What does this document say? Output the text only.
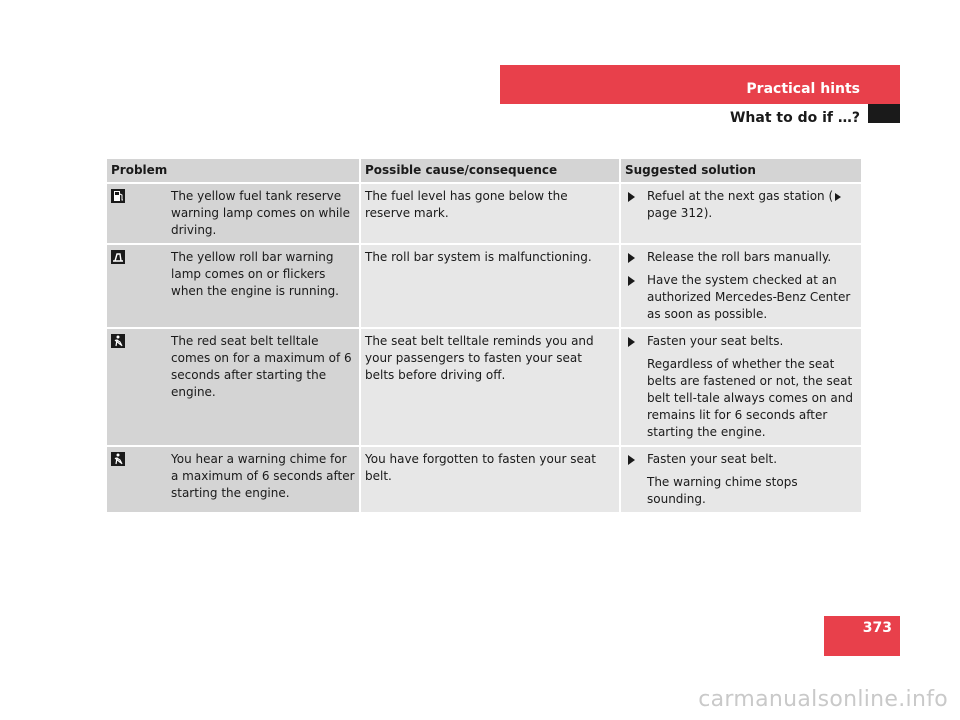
Practical hints
What to do if …?
Problem		Possible cause/consequence	Suggested solution
	The yellow fuel tank reserve warning lamp comes on while driving.	The fuel level has gone below the reserve mark.	Refuel at the next gas station (page 312).

	The yellow roll bar warning lamp comes on or flickers when the engine is running.	The roll bar system is malfunctioning.	Release the roll bars manually.
Have the system checked at an authorized Mercedes-Benz Center as soon as possible.

	The red seat belt telltale comes on for a maximum of 6 seconds after starting the engine.	The seat belt telltale reminds you and your passengers to fasten your seat belts before driving off.	Fasten your seat belts.
Regardless of whether the seat belts are fastened or not, the seat belt tell-tale always comes on and remains lit for 6 seconds after starting the engine.

	You hear a warning chime for a maximum of 6 seconds after starting the engine.	You have forgotten to fasten your seat belt.	Fasten your seat belt.
The warning chime stops sounding.
373
carmanualsonline.info
